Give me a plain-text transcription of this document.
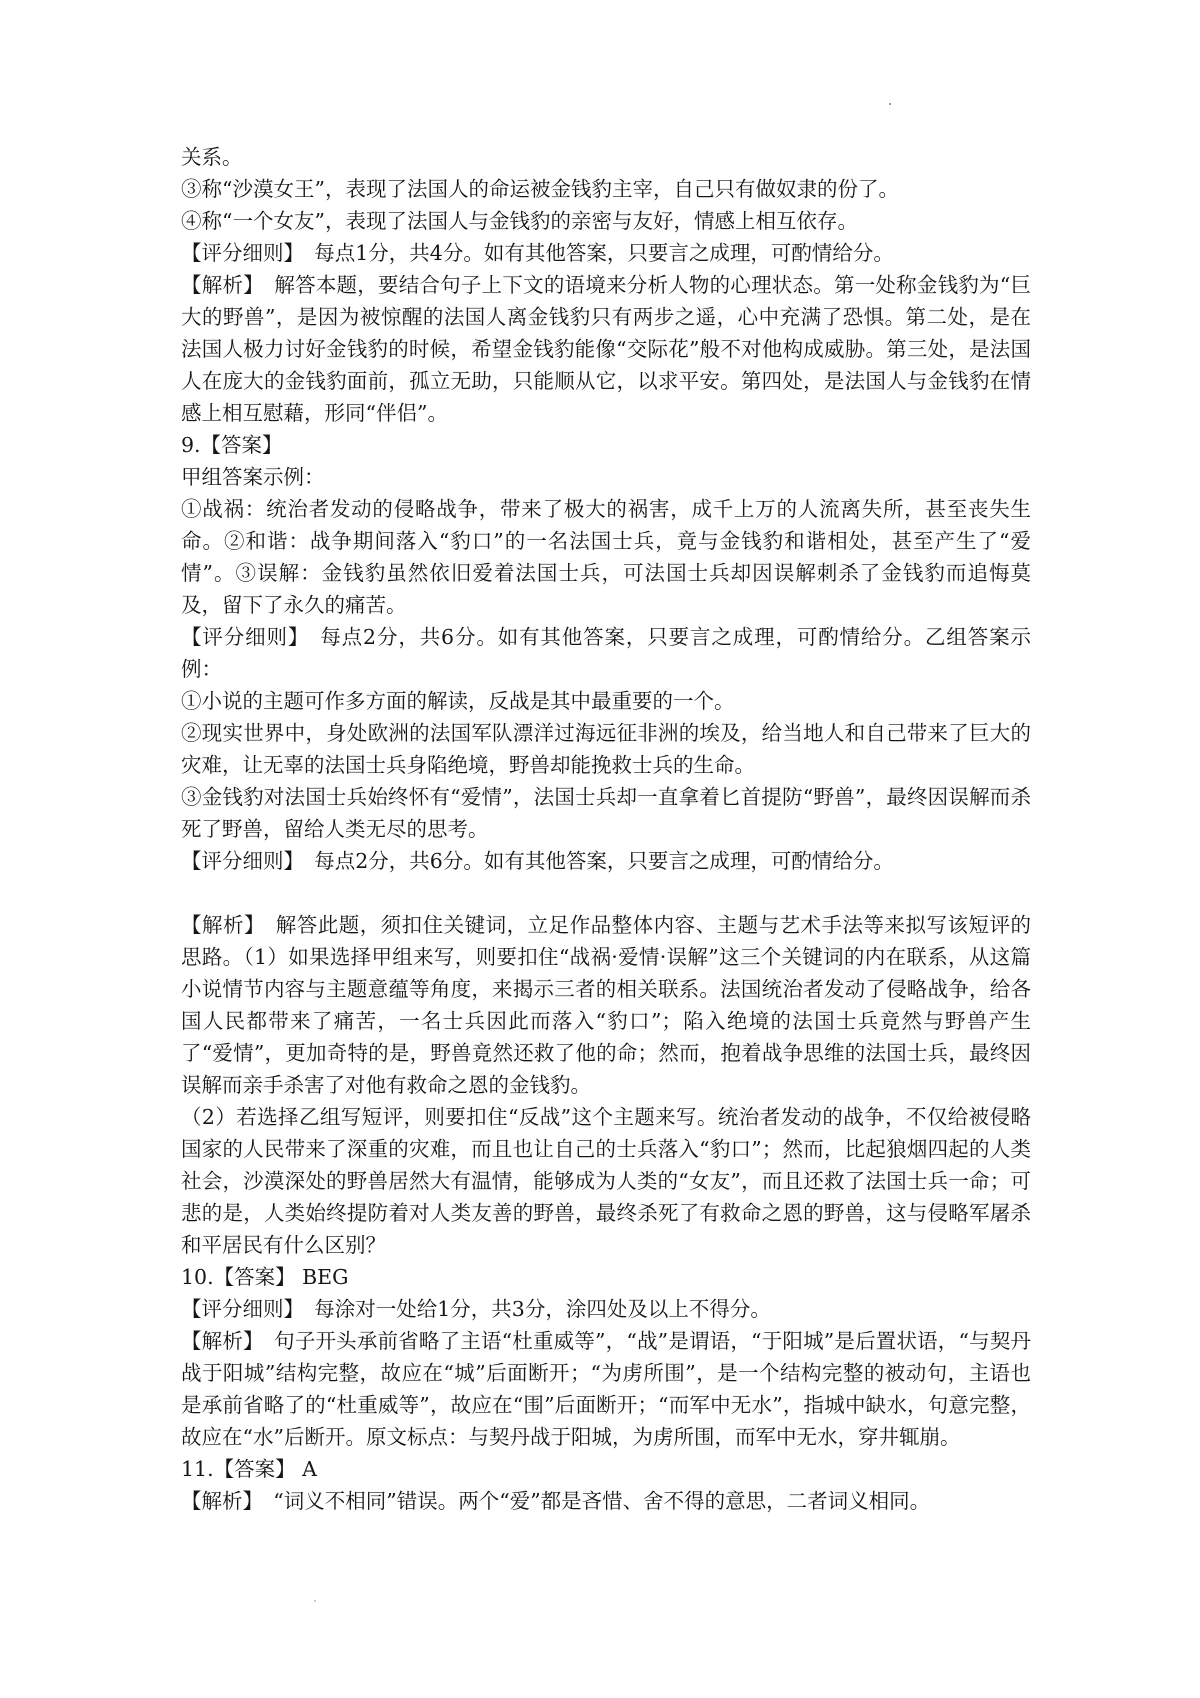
关系。

③称“沙漠女王”，表现了法国人的命运被金钱豹主宰，自己只有做奴隶的份了。

④称“一个女友”，表现了法国人与金钱豹的亲密与友好，情感上相互依存。

【评分细则】　每点1分，共4分。如有其他答案，只要言之成理，可酌情给分。

【解析】　解答本题，要结合句子上下文的语境来分析人物的心理状态。第一处称金钱豹为“巨大的野兽”，是因为被惊醒的法国人离金钱豹只有两步之遥，心中充满了恐惧。第二处，是在法国人极力讨好金钱豹的时候，希望金钱豹能像“交际花”般不对他构成威胁。第三处，是法国人在庞大的金钱豹面前，孤立无助，只能顺从它，以求平安。第四处，是法国人与金钱豹在情感上相互慰藉，形同“伴侣”。

9.【答案】

甲组答案示例：

①战祸：统治者发动的侵略战争，带来了极大的祸害，成千上万的人流离失所，甚至丧失生命。②和谐：战争期间落入“豹口”的一名法国士兵，竟与金钱豹和谐相处，甚至产生了“爱情”。③误解：金钱豹虽然依旧爱着法国士兵，可法国士兵却因误解刺杀了金钱豹而追悔莫及，留下了永久的痛苦。

【评分细则】　每点2分，共6分。如有其他答案，只要言之成理，可酌情给分。乙组答案示例：

①小说的主题可作多方面的解读，反战是其中最重要的一个。

②现实世界中，身处欧洲的法国军队漂洋过海远征非洲的埃及，给当地人和自己带来了巨大的灾难，让无辜的法国士兵身陷绝境，野兽却能挽救士兵的生命。

③金钱豹对法国士兵始终怀有“爱情”，法国士兵却一直拿着匕首提防“野兽”，最终因误解而杀死了野兽，留给人类无尽的思考。

【评分细则】　每点2分，共6分。如有其他答案，只要言之成理，可酌情给分。

【解析】　解答此题，须扣住关键词，立足作品整体内容、主题与艺术手法等来拟写该短评的思路。（1）如果选择甲组来写，则要扣住“战祸·爱情·误解”这三个关键词的内在联系，从这篇小说情节内容与主题意蕴等角度，来揭示三者的相关联系。法国统治者发动了侵略战争，给各国人民都带来了痛苦，一名士兵因此而落入“豹口”；陷入绝境的法国士兵竟然与野兽产生了“爱情”，更加奇特的是，野兽竟然还救了他的命；然而，抱着战争思维的法国士兵，最终因误解而亲手杀害了对他有救命之恩的金钱豹。

（2）若选择乙组写短评，则要扣住“反战”这个主题来写。统治者发动的战争，不仅给被侵略国家的人民带来了深重的灾难，而且也让自己的士兵落入“豹口”；然而，比起狼烟四起的人类社会，沙漠深处的野兽居然大有温情，能够成为人类的“女友”，而且还救了法国士兵一命；可悲的是，人类始终提防着对人类友善的野兽，最终杀死了有救命之恩的野兽，这与侵略军屠杀和平居民有什么区别？

10.【答案】 BEG

【评分细则】　每涂对一处给1分，共3分，涂四处及以上不得分。

【解析】　句子开头承前省略了主语“杜重威等”，“战”是谓语，“于阳城”是后置状语，“与契丹战于阳城”结构完整，故应在“城”后面断开；“为虏所围”，是一个结构完整的被动句，主语也是承前省略了的“杜重威等”，故应在“围”后面断开；“而军中无水”，指城中缺水，句意完整，故应在“水”后断开。原文标点：与契丹战于阳城，为虏所围，而军中无水，穿井辄崩。

11.【答案】 A

【解析】　“词义不相同”错误。两个“爱”都是吝惜、舍不得的意思，二者词义相同。
